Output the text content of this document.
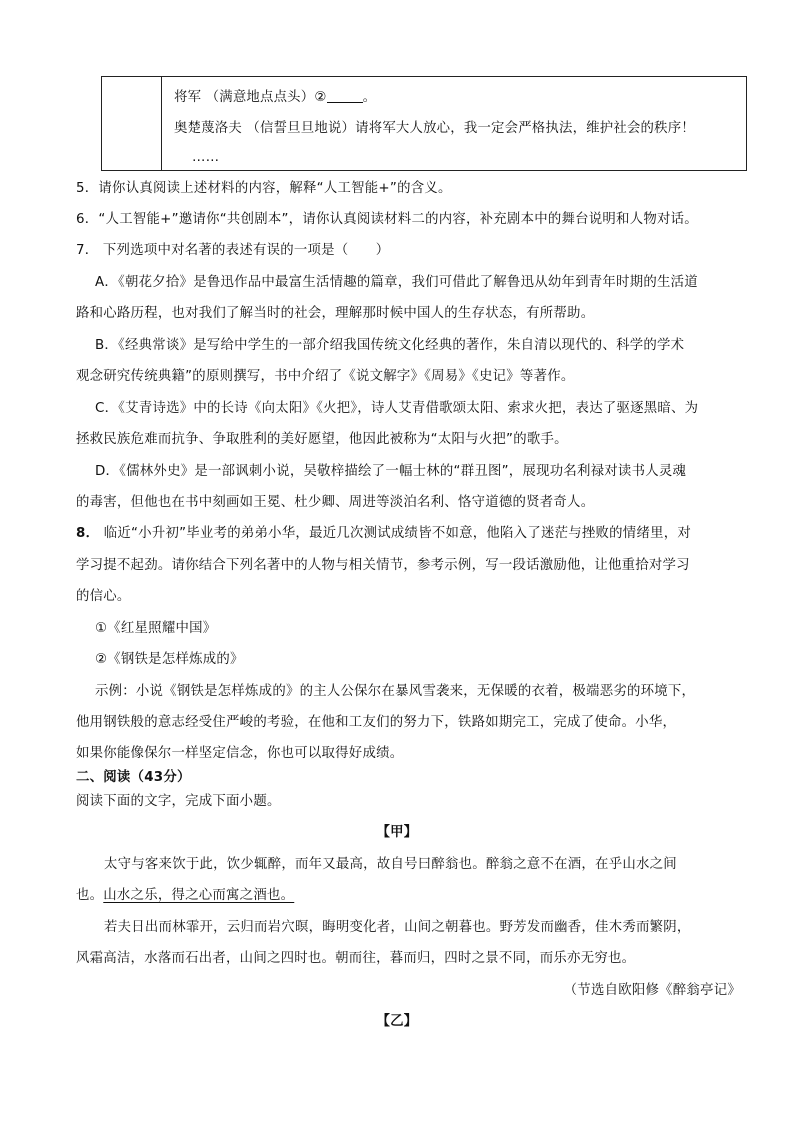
将军 （满意地点点头）②	。
奥楚蔑洛夫 （信誓旦旦地说）请将军大人放心，我一定会严格执法，维护社会的秩序！
……
5．请你认真阅读上述材料的内容，解释“人工智能+”的含义。
6．“人工智能+”邀请你“共创剧本”，请你认真阅读材料二的内容，补充剧本中的舞台说明和人物对话。
7． 下列选项中对名著的表述有误的一项是（　　）
A．《朝花夕拾》是鲁迅作品中最富生活情趣的篇章，我们可借此了解鲁迅从幼年到青年时期的生活道
路和心路历程，也对我们了解当时的社会，理解那时候中国人的生存状态，有所帮助。
B．《经典常谈》是写给中学生的一部介绍我国传统文化经典的著作，朱自清以现代的、科学的学术
观念研究传统典籍”的原则撰写，书中介绍了《说文解字》《周易》《史记》等著作。
C．《艾青诗选》中的长诗《向太阳》《火把》，诗人艾青借歌颂太阳、索求火把，表达了驱逐黑暗、为
拯救民族危难而抗争、争取胜利的美好愿望，他因此被称为“太阳与火把”的歌手。
D．《儒林外史》是一部讽刺小说，吴敬梓描绘了一幅士林的“群丑图”，展现功名利禄对读书人灵魂
的毒害，但他也在书中刻画如王冕、杜少卿、周进等淡泊名利、恪守道德的贤者奇人。
8． 临近“小升初”毕业考的弟弟小华，最近几次测试成绩皆不如意，他陷入了迷茫与挫败的情绪里，对
学习提不起劲。请你结合下列名著中的人物与相关情节，参考示例，写一段话激励他，让他重拾对学习
的信心。
①《红星照耀中国》
②《钢铁是怎样炼成的》
示例：小说《钢铁是怎样炼成的》的主人公保尔在暴风雪袭来，无保暖的衣着，极端恶劣的环境下，
他用钢铁般的意志经受住严峻的考验，在他和工友们的努力下，铁路如期完工，完成了使命。小华，
如果你能像保尔一样坚定信念，你也可以取得好成绩。
二、阅读（43分）
阅读下面的文字，完成下面小题。
【甲】
太守与客来饮于此，饮少辄醉，而年又最高，故自号曰醉翁也。醉翁之意不在酒，在乎山水之间
也。山水之乐，得之心而寓之酒也。
若夫日出而林霏开，云归而岩穴暝，晦明变化者，山间之朝暮也。野芳发而幽香，佳木秀而繁阴，
风霜高洁，水落而石出者，山间之四时也。朝而往，暮而归，四时之景不同，而乐亦无穷也。
（节选自欧阳修《醉翁亭记》
【乙】
